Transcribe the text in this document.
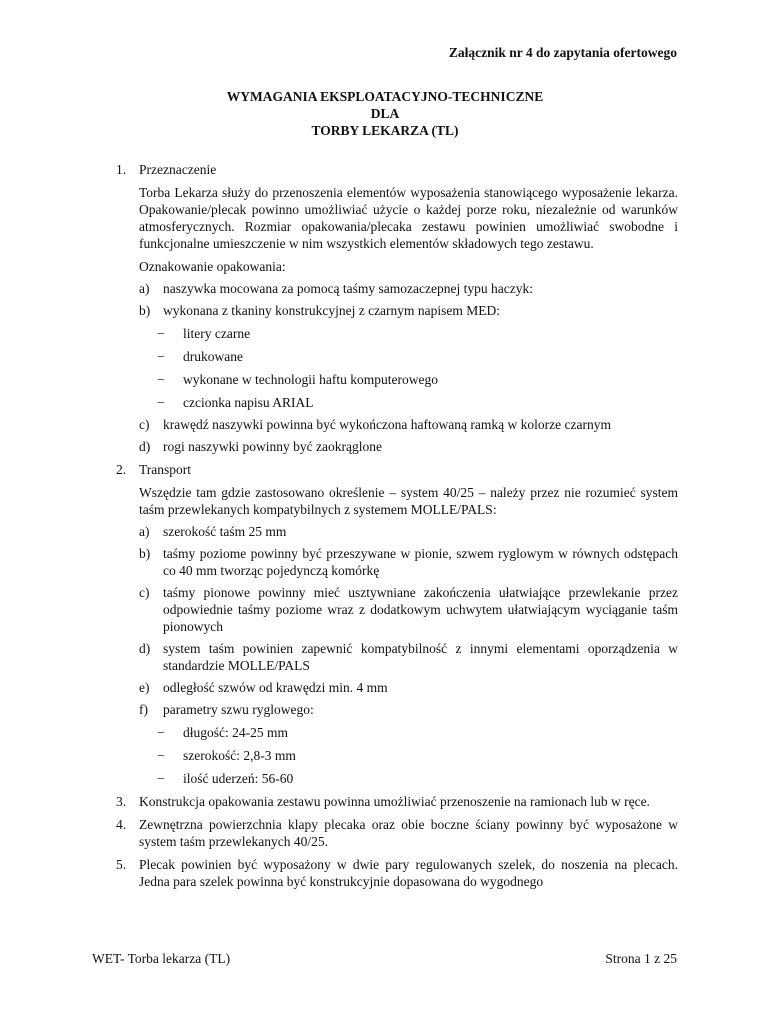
Załącznik nr 4 do zapytania ofertowego
WYMAGANIA EKSPLOATACYJNO-TECHNICZNE
DLA
TORBY LEKARZA (TL)
1. Przeznaczenie

Torba Lekarza służy do przenoszenia elementów wyposażenia stanowiącego wyposażenie lekarza. Opakowanie/plecak powinno umożliwiać użycie o każdej porze roku, niezależnie od warunków atmosferycznych. Rozmiar opakowania/plecaka zestawu powinien umożliwiać swobodne i funkcjonalne umieszczenie w nim wszystkich elementów składowych tego zestawu.

Oznakowanie opakowania:
a) naszywka mocowana za pomocą taśmy samozaczepnej typu haczyk:
b) wykonana z tkaniny konstrukcyjnej z czarnym napisem MED:
− litery czarne
− drukowane
− wykonane w technologii haftu komputerowego
− czcionka napisu ARIAL
c) krawędź naszywki powinna być wykończona haftowaną ramką w kolorze czarnym
d) rogi naszywki powinny być zaokrąglone
2. Transport

Wszędzie tam gdzie zastosowano określenie – system 40/25 – należy przez nie rozumieć system taśm przewlekanych kompatybilnych z systemem MOLLE/PALS:

a) szerokość taśm 25 mm
b) taśmy poziome powinny być przeszywane w pionie, szwem ryglowym w równych odstępach co 40 mm tworząc pojedynczą komórkę
c) taśmy pionowe powinny mieć usztywniane zakończenia ułatwiające przewlekanie przez odpowiednie taśmy poziome wraz z dodatkowym uchwytem ułatwiającym wyciąganie taśm pionowych
d) system taśm powinien zapewnić kompatybilność z innymi elementami oporządzenia w standardzie MOLLE/PALS
e) odległość szwów od krawędzi min. 4 mm
f) parametry szwu ryglowego:
− długość: 24-25 mm
− szerokość: 2,8-3 mm
− ilość uderzeń: 56-60
3. Konstrukcja opakowania zestawu powinna umożliwiać przenoszenie na ramionach lub w ręce.
4. Zewnętrzna powierzchnia klapy plecaka oraz obie boczne ściany powinny być wyposażone w system taśm przewlekanych 40/25.
5. Plecak powinien być wyposażony w dwie pary regulowanych szelek, do noszenia na plecach. Jedna para szelek powinna być konstrukcyjnie dopasowana do wygodnego
WET- Torba lekarza (TL)	Strona 1 z 25
